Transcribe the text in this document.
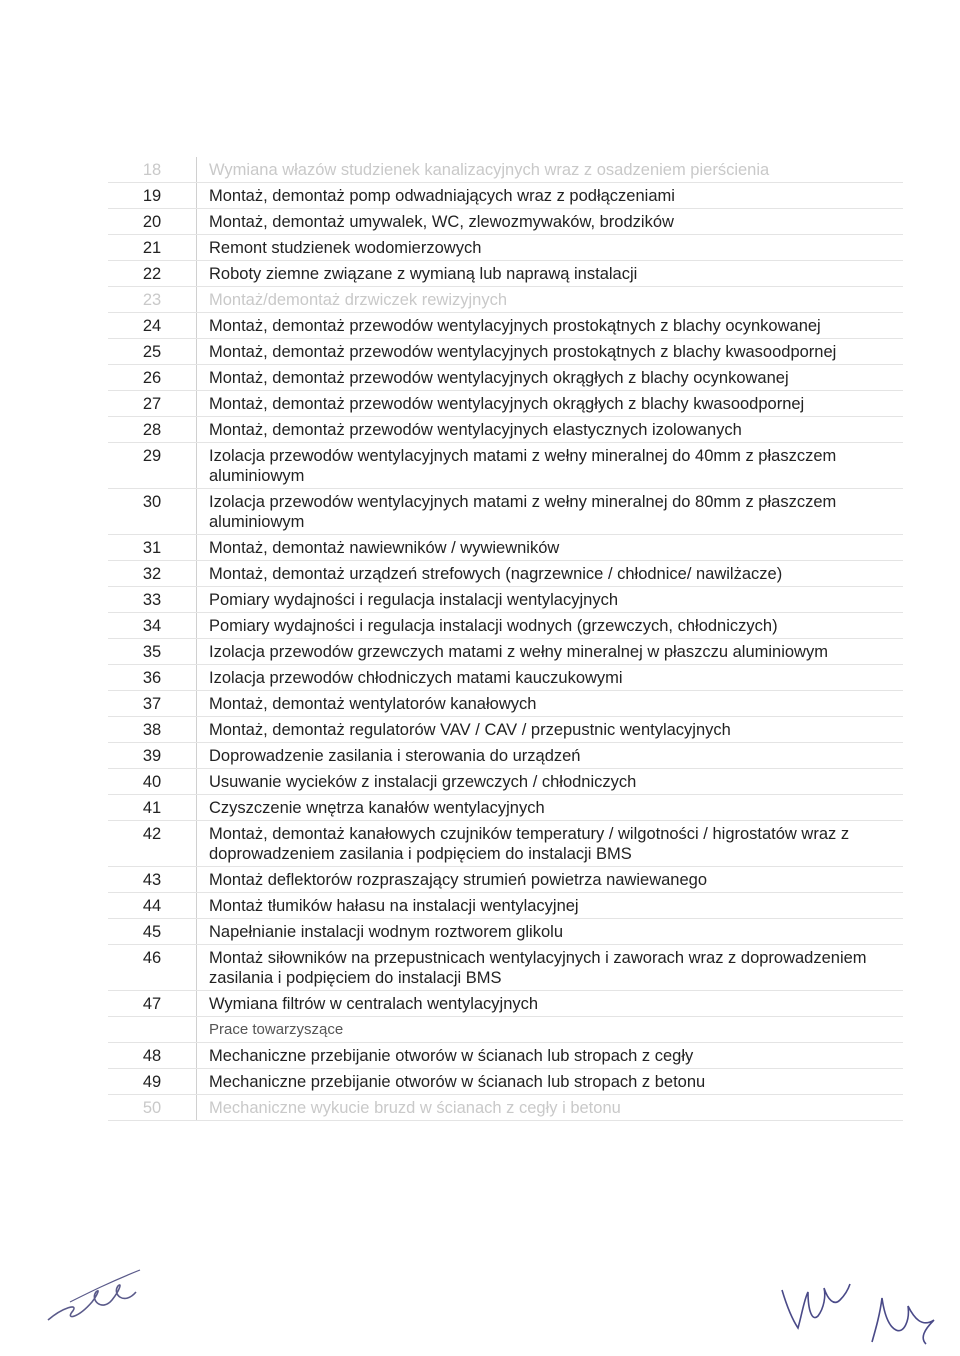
18	Wymiana włazów studzienek kanalizacyjnych wraz z osadzeniem pierścienia
19	Montaż, demontaż pomp odwadniających wraz z podłączeniami
20	Montaż, demontaż umywalek, WC, zlewozmywaków, brodzików
21	Remont studzienek wodomierzowych
22	Roboty ziemne związane z wymianą lub naprawą instalacji
23	Montaż/demontaż drzwiczek rewizyjnych
24	Montaż, demontaż przewodów wentylacyjnych prostokątnych z blachy ocynkowanej
25	Montaż, demontaż przewodów wentylacyjnych prostokątnych z blachy kwasoodpornej
26	Montaż, demontaż przewodów wentylacyjnych okrągłych z blachy ocynkowanej
27	Montaż, demontaż przewodów wentylacyjnych okrągłych z blachy kwasoodpornej
28	Montaż, demontaż przewodów wentylacyjnych elastycznych izolowanych
29	Izolacja przewodów wentylacyjnych matami z wełny mineralnej do 40mm z płaszczem aluminiowym
30	Izolacja przewodów wentylacyjnych matami z wełny mineralnej do 80mm z płaszczem aluminiowym
31	Montaż, demontaż nawiewników / wywiewników
32	Montaż, demontaż urządzeń strefowych (nagrzewnice / chłodnice/ nawilżacze)
33	Pomiary wydajności i regulacja instalacji wentylacyjnych
34	Pomiary wydajności i regulacja instalacji wodnych (grzewczych, chłodniczych)
35	Izolacja przewodów grzewczych matami z wełny mineralnej w płaszczu aluminiowym
36	Izolacja przewodów chłodniczych matami kauczukowymi
37	Montaż, demontaż wentylatorów kanałowych
38	Montaż, demontaż regulatorów VAV / CAV / przepustnic wentylacyjnych
39	Doprowadzenie zasilania i sterowania do urządzeń
40	Usuwanie wycieków z instalacji grzewczych / chłodniczych
41	Czyszczenie wnętrza kanałów wentylacyjnych
42	Montaż, demontaż kanałowych czujników temperatury / wilgotności / higrostatów wraz z doprowadzeniem zasilania i podpięciem do instalacji BMS
43	Montaż deflektorów rozpraszający strumień powietrza nawiewanego
44	Montaż tłumików hałasu na instalacji wentylacyjnej
45	Napełnianie instalacji wodnym roztworem glikolu
46	Montaż siłowników na przepustnicach wentylacyjnych i zaworach wraz z doprowadzeniem zasilania i podpięciem do instalacji BMS
47	Wymiana filtrów w centralach wentylacyjnych
	Prace towarzyszące
48	Mechaniczne przebijanie otworów w ścianach lub stropach z cegły
49	Mechaniczne przebijanie otworów w ścianach lub stropach z betonu
50	Mechaniczne wykucie bruzd w ścianach z cegły i betonu
